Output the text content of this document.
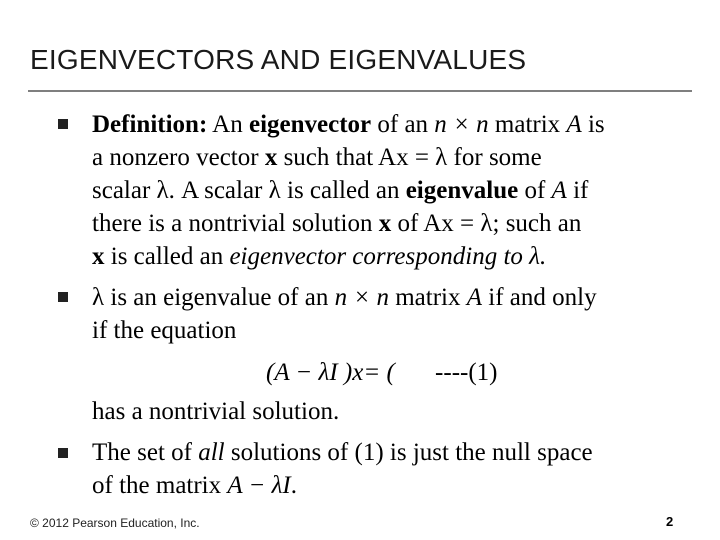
EIGENVECTORS AND EIGENVALUES
Definition: An eigenvector of an n × n matrix A is
a nonzero vector x such that Ax = λ for some
scalar λ. A scalar λ is called an eigenvalue of A if
there is a nontrivial solution x of Ax = λ; such an
x is called an eigenvector corresponding to λ.
λ is an eigenvalue of an n × n matrix A if and only
if the equation
(A − λI )x= ( ----(1)
has a nontrivial solution.
The set of all solutions of (1) is just the null space
of the matrix A − λI.
© 2012 Pearson Education, Inc.	2
